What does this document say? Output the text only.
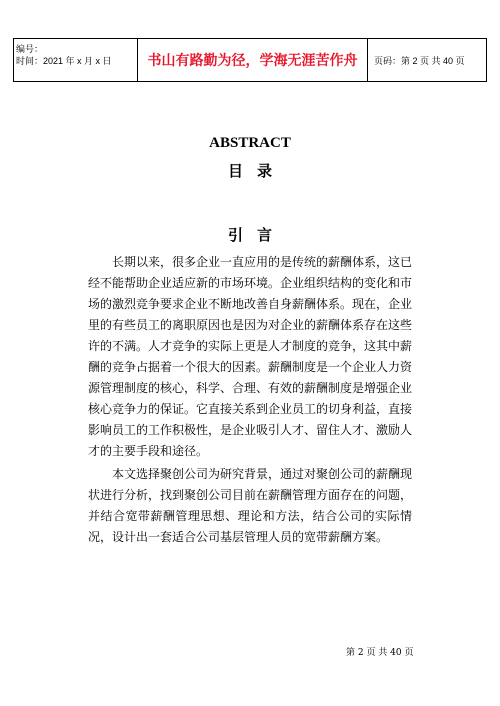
编号：
时间：2021 年 x 月 x 日	书山有路勤为径，学海无涯苦作舟	页码：第 2 页 共 40 页
ABSTRACT
目录
引言

长期以来，很多企业一直应用的是传统的薪酬体系，这已经不能帮助企业适应新的市场环境。企业组织结构的变化和市场的激烈竞争要求企业不断地改善自身薪酬体系。现在，企业里的有些员工的离职原因也是因为对企业的薪酬体系存在这些许的不满。人才竞争的实际上更是人才制度的竞争，这其中薪酬的竞争占据着一个很大的因素。薪酬制度是一个企业人力资源管理制度的核心，科学、合理、有效的薪酬制度是增强企业核心竞争力的保证。它直接关系到企业员工的切身利益，直接影响员工的工作积极性，是企业吸引人才、留住人才、激励人才的主要手段和途径。

本文选择聚创公司为研究背景，通过对聚创公司的薪酬现状进行分析，找到聚创公司目前在薪酬管理方面存在的问题，并结合宽带薪酬管理思想、理论和方法，结合公司的实际情况，设计出一套适合公司基层管理人员的宽带薪酬方案。

第 2 页 共 40 页
